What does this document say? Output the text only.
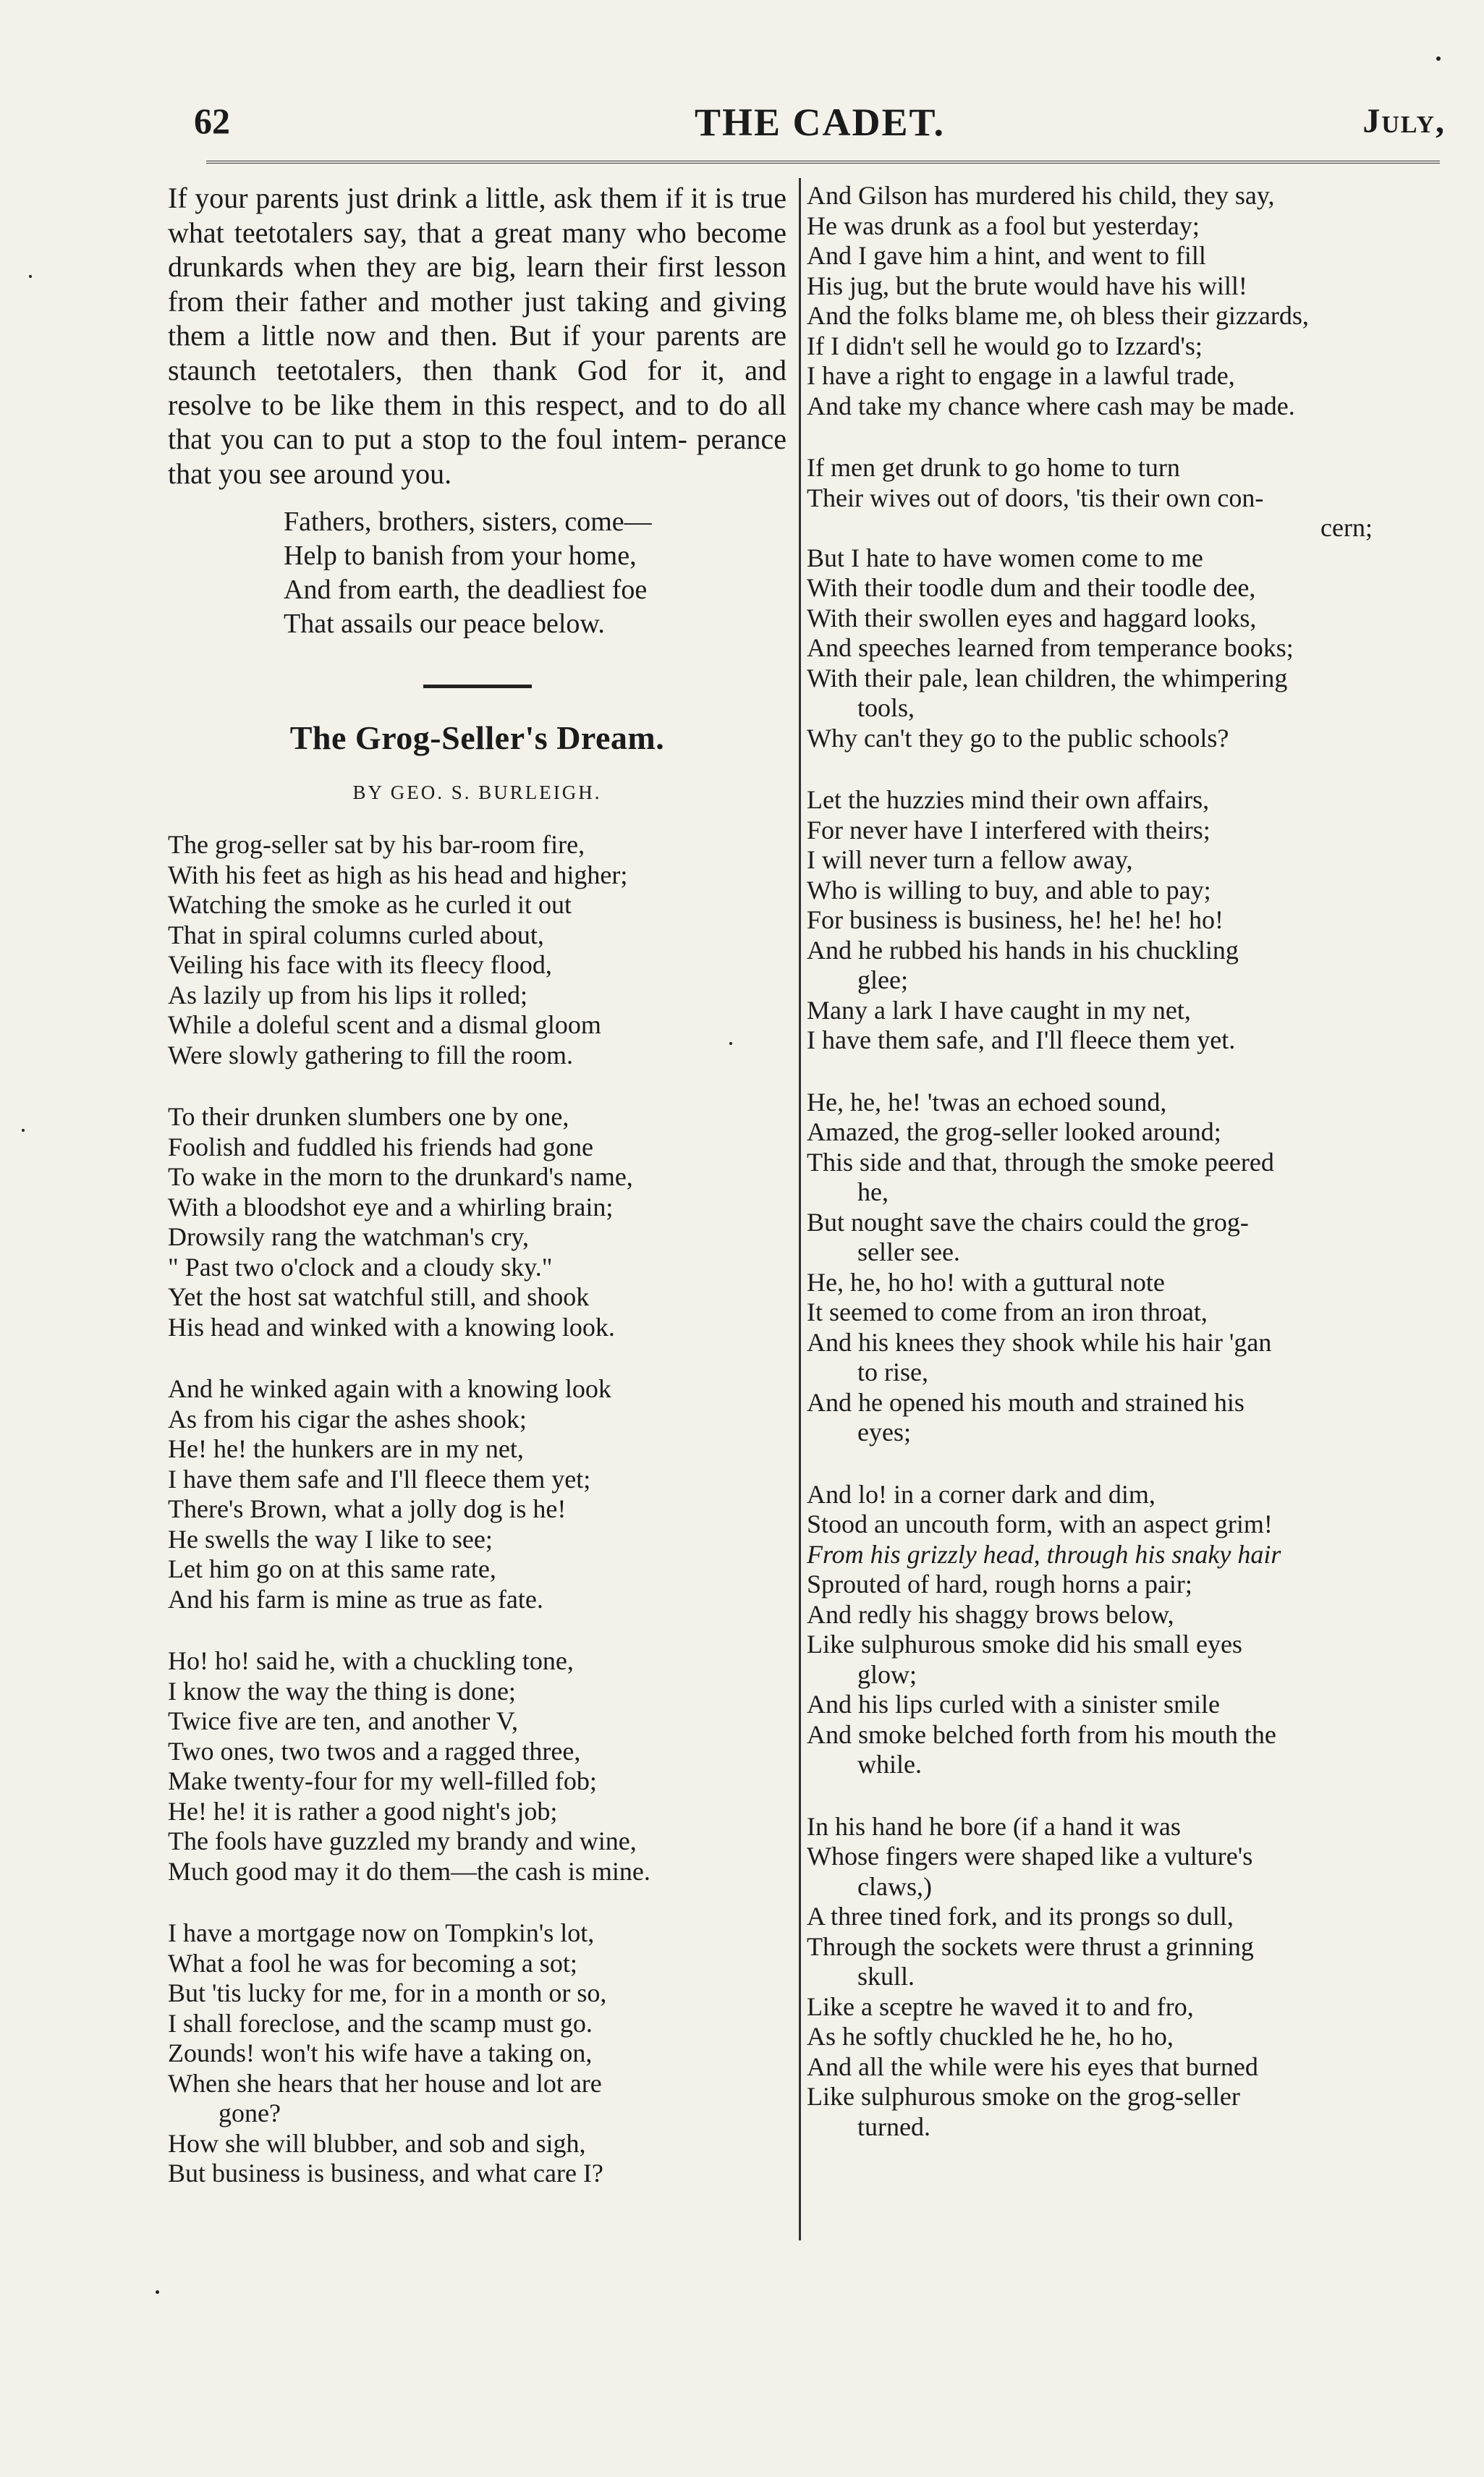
62	THE CADET.	July,

If your parents just drink a little, ask them if it is true what teetotalers say, that a great many who become drunkards when they are big, learn their first lesson from their father and mother just taking and giving them a little now and then. But if your parents are staunch teetotalers, then thank God for it, and resolve to be like them in this respect, and to do all that you can to put a stop to the foul intem- perance that you see around you.

Fathers, brothers, sisters, come—
Help to banish from your home,
And from earth, the deadliest foe
That assails our peace below.
The Grog-Seller's Dream.
BY GEO. S. BURLEIGH.
The grog-seller sat by his bar-room fire,
With his feet as high as his head and higher;
Watching the smoke as he curled it out
That in spiral columns curled about,
Veiling his face with its fleecy flood,
As lazily up from his lips it rolled;
While a doleful scent and a dismal gloom
Were slowly gathering to fill the room.
To their drunken slumbers one by one,
Foolish and fuddled his friends had gone
To wake in the morn to the drunkard's name,
With a bloodshot eye and a whirling brain;
Drowsily rang the watchman's cry,
" Past two o'clock and a cloudy sky."
Yet the host sat watchful still, and shook
His head and winked with a knowing look.
And he winked again with a knowing look
As from his cigar the ashes shook;
He! he! the hunkers are in my net,
I have them safe and I'll fleece them yet;
There's Brown, what a jolly dog is he!
He swells the way I like to see;
Let him go on at this same rate,
And his farm is mine as true as fate.
Ho! ho! said he, with a chuckling tone,
I know the way the thing is done;
Twice five are ten, and another V,
Two ones, two twos and a ragged three,
Make twenty-four for my well-filled fob;
He! he! it is rather a good night's job;
The fools have guzzled my brandy and wine,
Much good may it do them—the cash is mine.
I have a mortgage now on Tompkin's lot,
What a fool he was for becoming a sot;
But 'tis lucky for me, for in a month or so,
I shall foreclose, and the scamp must go.
Zounds! won't his wife have a taking on,
When she hears that her house and lot are
gone?
How she will blubber, and sob and sigh,
But business is business, and what care I?
And Gilson has murdered his child, they say,
He was drunk as a fool but yesterday;
And I gave him a hint, and went to fill
His jug, but the brute would have his will!
And the folks blame me, oh bless their gizzards,
If I didn't sell he would go to Izzard's;
I have a right to engage in a lawful trade,
And take my chance where cash may be made.
If men get drunk to go home to turn
Their wives out of doors, 'tis their own con-
cern;
But I hate to have women come to me
With their toodle dum and their toodle dee,
With their swollen eyes and haggard looks,
And speeches learned from temperance books;
With their pale, lean children, the whimpering
tools,
Why can't they go to the public schools?
Let the huzzies mind their own affairs,
For never have I interfered with theirs;
I will never turn a fellow away,
Who is willing to buy, and able to pay;
For business is business, he! he! he! ho!
And he rubbed his hands in his chuckling
glee;
Many a lark I have caught in my net,
I have them safe, and I'll fleece them yet.
He, he, he! 'twas an echoed sound,
Amazed, the grog-seller looked around;
This side and that, through the smoke peered
he,
But nought save the chairs could the grog-
seller see.
He, he, ho ho! with a guttural note
It seemed to come from an iron throat,
And his knees they shook while his hair 'gan
to rise,
And he opened his mouth and strained his
eyes;
And lo! in a corner dark and dim,
Stood an uncouth form, with an aspect grim!
From his grizzly head, through his snaky hair
Sprouted of hard, rough horns a pair;
And redly his shaggy brows below,
Like sulphurous smoke did his small eyes
glow;
And his lips curled with a sinister smile
And smoke belched forth from his mouth the
while.
In his hand he bore (if a hand it was
Whose fingers were shaped like a vulture's
claws,)
A three tined fork, and its prongs so dull,
Through the sockets were thrust a grinning
skull.
Like a sceptre he waved it to and fro,
As he softly chuckled he he, ho ho,
And all the while were his eyes that burned
Like sulphurous smoke on the grog-seller
turned.
